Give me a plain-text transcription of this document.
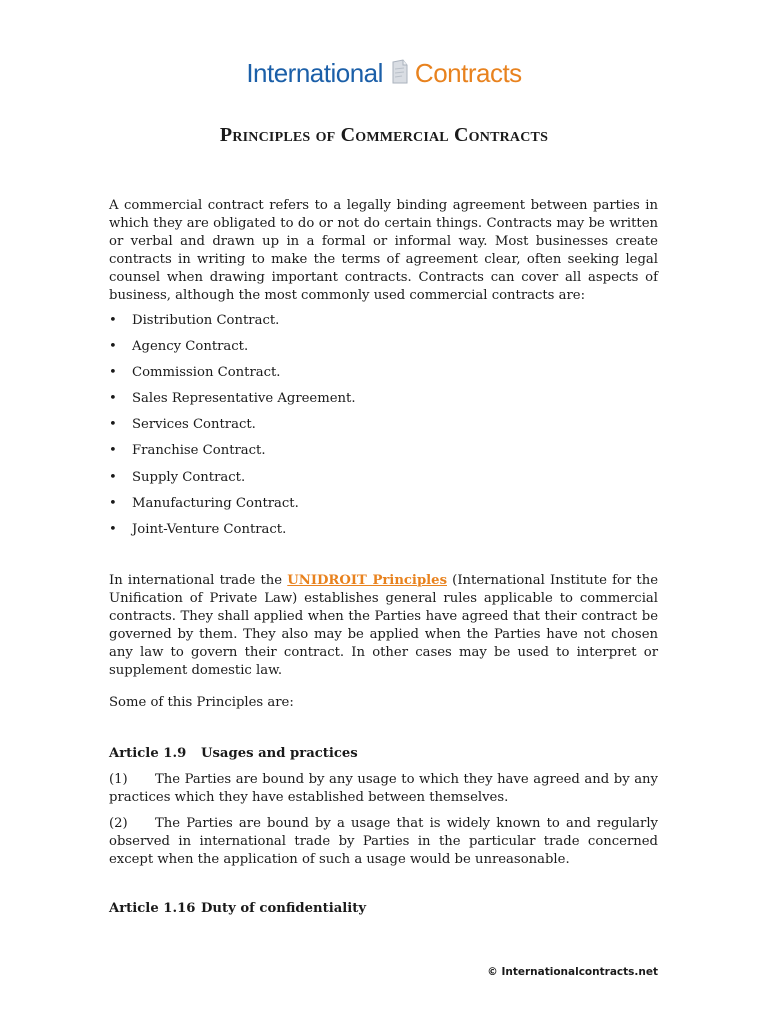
International Contracts
Principles of Commercial Contracts
A commercial contract refers to a legally binding agreement between parties in which they are obligated to do or not do certain things. Contracts may be written or verbal and drawn up in a formal or informal way. Most businesses create contracts in writing to make the terms of agreement clear, often seeking legal counsel when drawing important contracts. Contracts can cover all aspects of business, although the most commonly used commercial contracts are:
• Distribution Contract.
• Agency Contract.
• Commission Contract.
• Sales Representative Agreement.
• Services Contract.
• Franchise Contract.
• Supply Contract.
• Manufacturing Contract.
• Joint-Venture Contract.
In international trade the UNIDROIT Principles (International Institute for the Unification of Private Law) establishes general rules applicable to commercial contracts. They shall applied when the Parties have agreed that their contract be governed by them. They also may be applied when the Parties have not chosen any law to govern their contract. In other cases may be used to interpret or supplement domestic law.
Some of this Principles are:
Article 1.9 Usages and practices
(1) The Parties are bound by any usage to which they have agreed and by any practices which they have established between themselves.
(2) The Parties are bound by a usage that is widely known to and regularly observed in international trade by Parties in the particular trade concerned except when the application of such a usage would be unreasonable.
Article 1.16 Duty of confidentiality
© Internationalcontracts.net
